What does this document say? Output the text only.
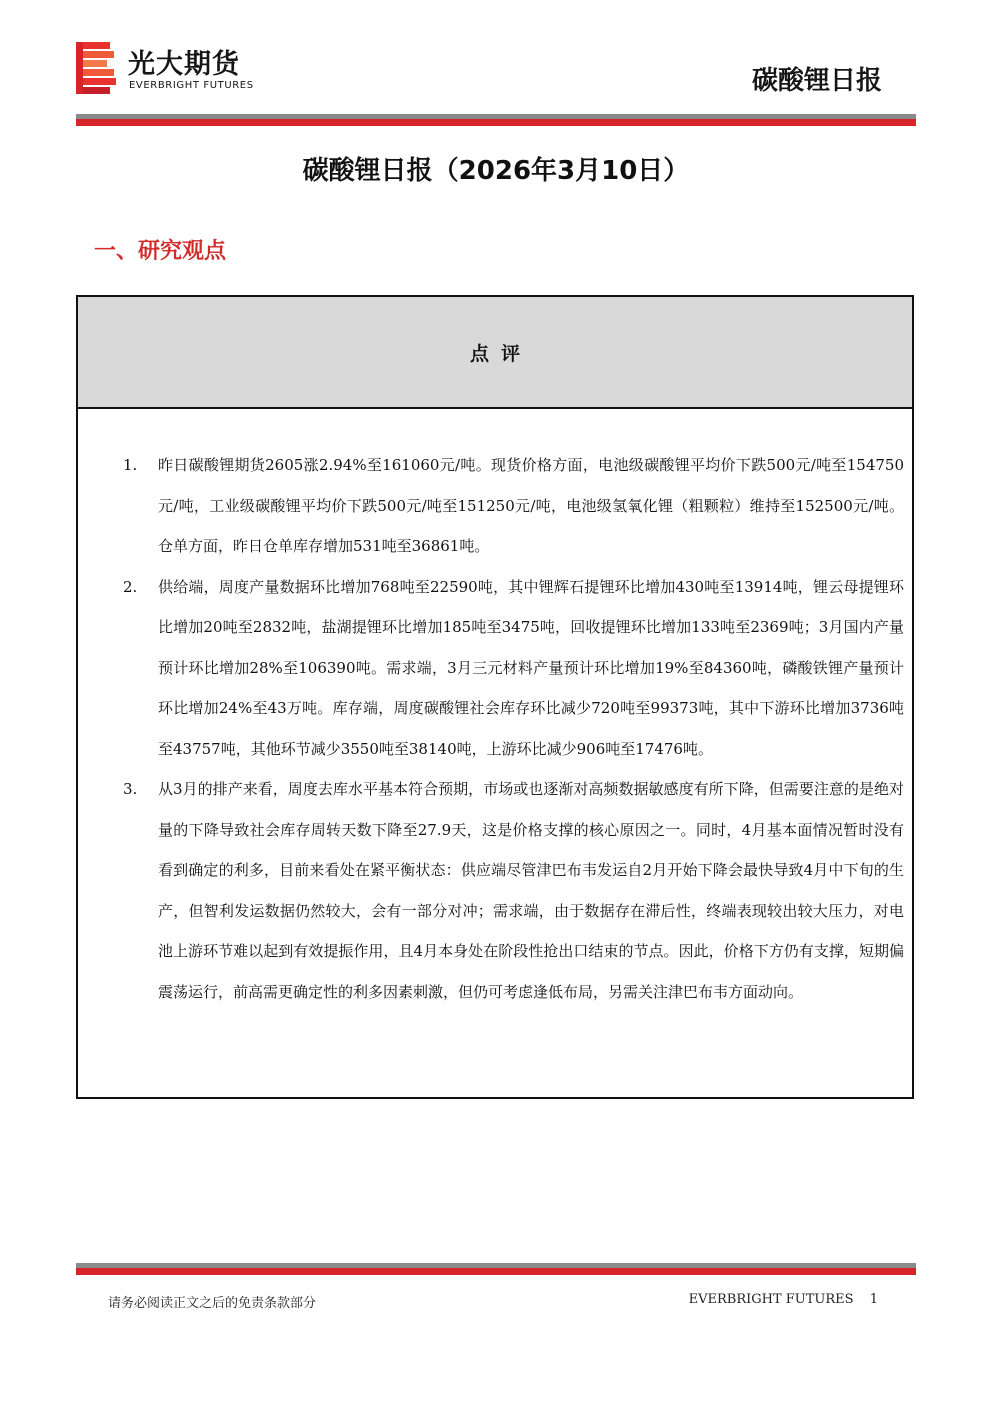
光大期货
EVERBRIGHT FUTURES	碳酸锂日报
碳酸锂日报（2026年3月10日）
一、研究观点
点评
1. 昨日碳酸锂期货2605涨2.94%至161060元/吨。现货价格方面，电池级碳酸锂平均价下跌500元/吨至154750元/吨，工业级碳酸锂平均价下跌500元/吨至151250元/吨，电池级氢氧化锂（粗颗粒）维持至152500元/吨。仓单方面，昨日仓单库存增加531吨至36861吨。
2. 供给端，周度产量数据环比增加768吨至22590吨，其中锂辉石提锂环比增加430吨至13914吨，锂云母提锂环比增加20吨至2832吨，盐湖提锂环比增加185吨至3475吨，回收提锂环比增加133吨至2369吨；3月国内产量预计环比增加28%至106390吨。需求端，3月三元材料产量预计环比增加19%至84360吨，磷酸铁锂产量预计环比增加24%至43万吨。库存端，周度碳酸锂社会库存环比减少720吨至99373吨，其中下游环比增加3736吨至43757吨，其他环节减少3550吨至38140吨，上游环比减少906吨至17476吨。
3. 从3月的排产来看，周度去库水平基本符合预期，市场或也逐渐对高频数据敏感度有所下降，但需要注意的是绝对量的下降导致社会库存周转天数下降至27.9天，这是价格支撑的核心原因之一。同时，4月基本面情况暂时没有看到确定的利多，目前来看处在紧平衡状态：供应端尽管津巴布韦发运自2月开始下降会最快导致4月中下旬的生产，但智利发运数据仍然较大，会有一部分对冲；需求端，由于数据存在滞后性，终端表现较出较大压力，对电池上游环节难以起到有效提振作用，且4月本身处在阶段性抢出口结束的节点。因此，价格下方仍有支撑，短期偏震荡运行，前高需更确定性的利多因素刺激，但仍可考虑逢低布局，另需关注津巴布韦方面动向。
请务必阅读正文之后的免责条款部分	EVERBRIGHT FUTURES 1
